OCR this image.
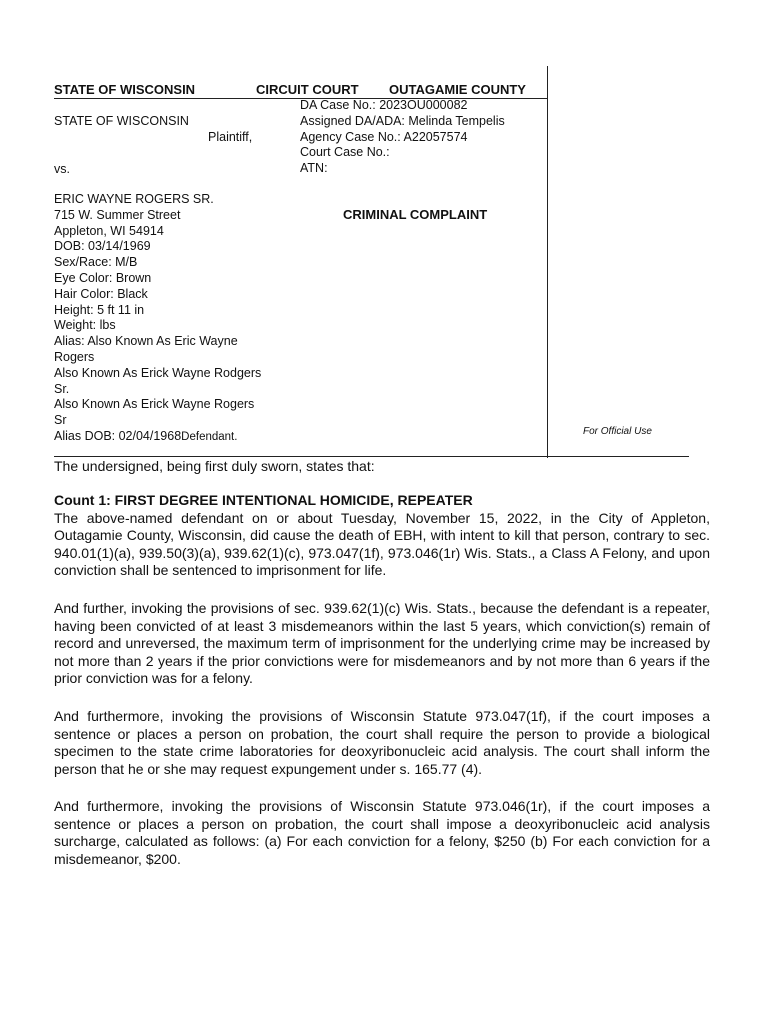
STATE OF WISCONSIN	CIRCUIT COURT OUTAGAMIE COUNTY
DA Case No.: 2023OU000082
Assigned DA/ADA: Melinda Tempelis
Agency Case No.: A22057574
Court Case No.:
ATN:
STATE OF WISCONSIN
Plaintiff,
vs.
CRIMINAL COMPLAINT
ERIC WAYNE ROGERS SR.
715 W. Summer Street
Appleton, WI 54914
DOB: 03/14/1969
Sex/Race: M/B
Eye Color: Brown
Hair Color: Black
Height: 5 ft 11 in
Weight: lbs
Alias: Also Known As Eric Wayne
Rogers
Also Known As Erick Wayne Rodgers
Sr.
Also Known As Erick Wayne Rogers
Sr
Alias DOB: 02/04/1968Defendant.	For Official Use
The undersigned, being first duly sworn, states that:
Count 1: FIRST DEGREE INTENTIONAL HOMICIDE, REPEATER
The above-named defendant on or about Tuesday, November 15, 2022, in the City of Appleton, Outagamie County, Wisconsin, did cause the death of EBH, with intent to kill that person, contrary to sec. 940.01(1)(a), 939.50(3)(a), 939.62(1)(c), 973.047(1f), 973.046(1r) Wis. Stats., a Class A Felony, and upon conviction shall be sentenced to imprisonment for life.
And further, invoking the provisions of sec. 939.62(1)(c) Wis. Stats., because the defendant is a repeater, having been convicted of at least 3 misdemeanors within the last 5 years, which conviction(s) remain of record and unreversed, the maximum term of imprisonment for the underlying crime may be increased by not more than 2 years if the prior convictions were for misdemeanors and by not more than 6 years if the prior conviction was for a felony.
And furthermore, invoking the provisions of Wisconsin Statute 973.047(1f), if the court imposes a sentence or places a person on probation, the court shall require the person to provide a biological specimen to the state crime laboratories for deoxyribonucleic acid analysis. The court shall inform the person that he or she may request expungement under s. 165.77 (4).
And furthermore, invoking the provisions of Wisconsin Statute 973.046(1r), if the court imposes a sentence or places a person on probation, the court shall impose a deoxyribonucleic acid analysis surcharge, calculated as follows: (a) For each conviction for a felony, $250 (b) For each conviction for a misdemeanor, $200.
